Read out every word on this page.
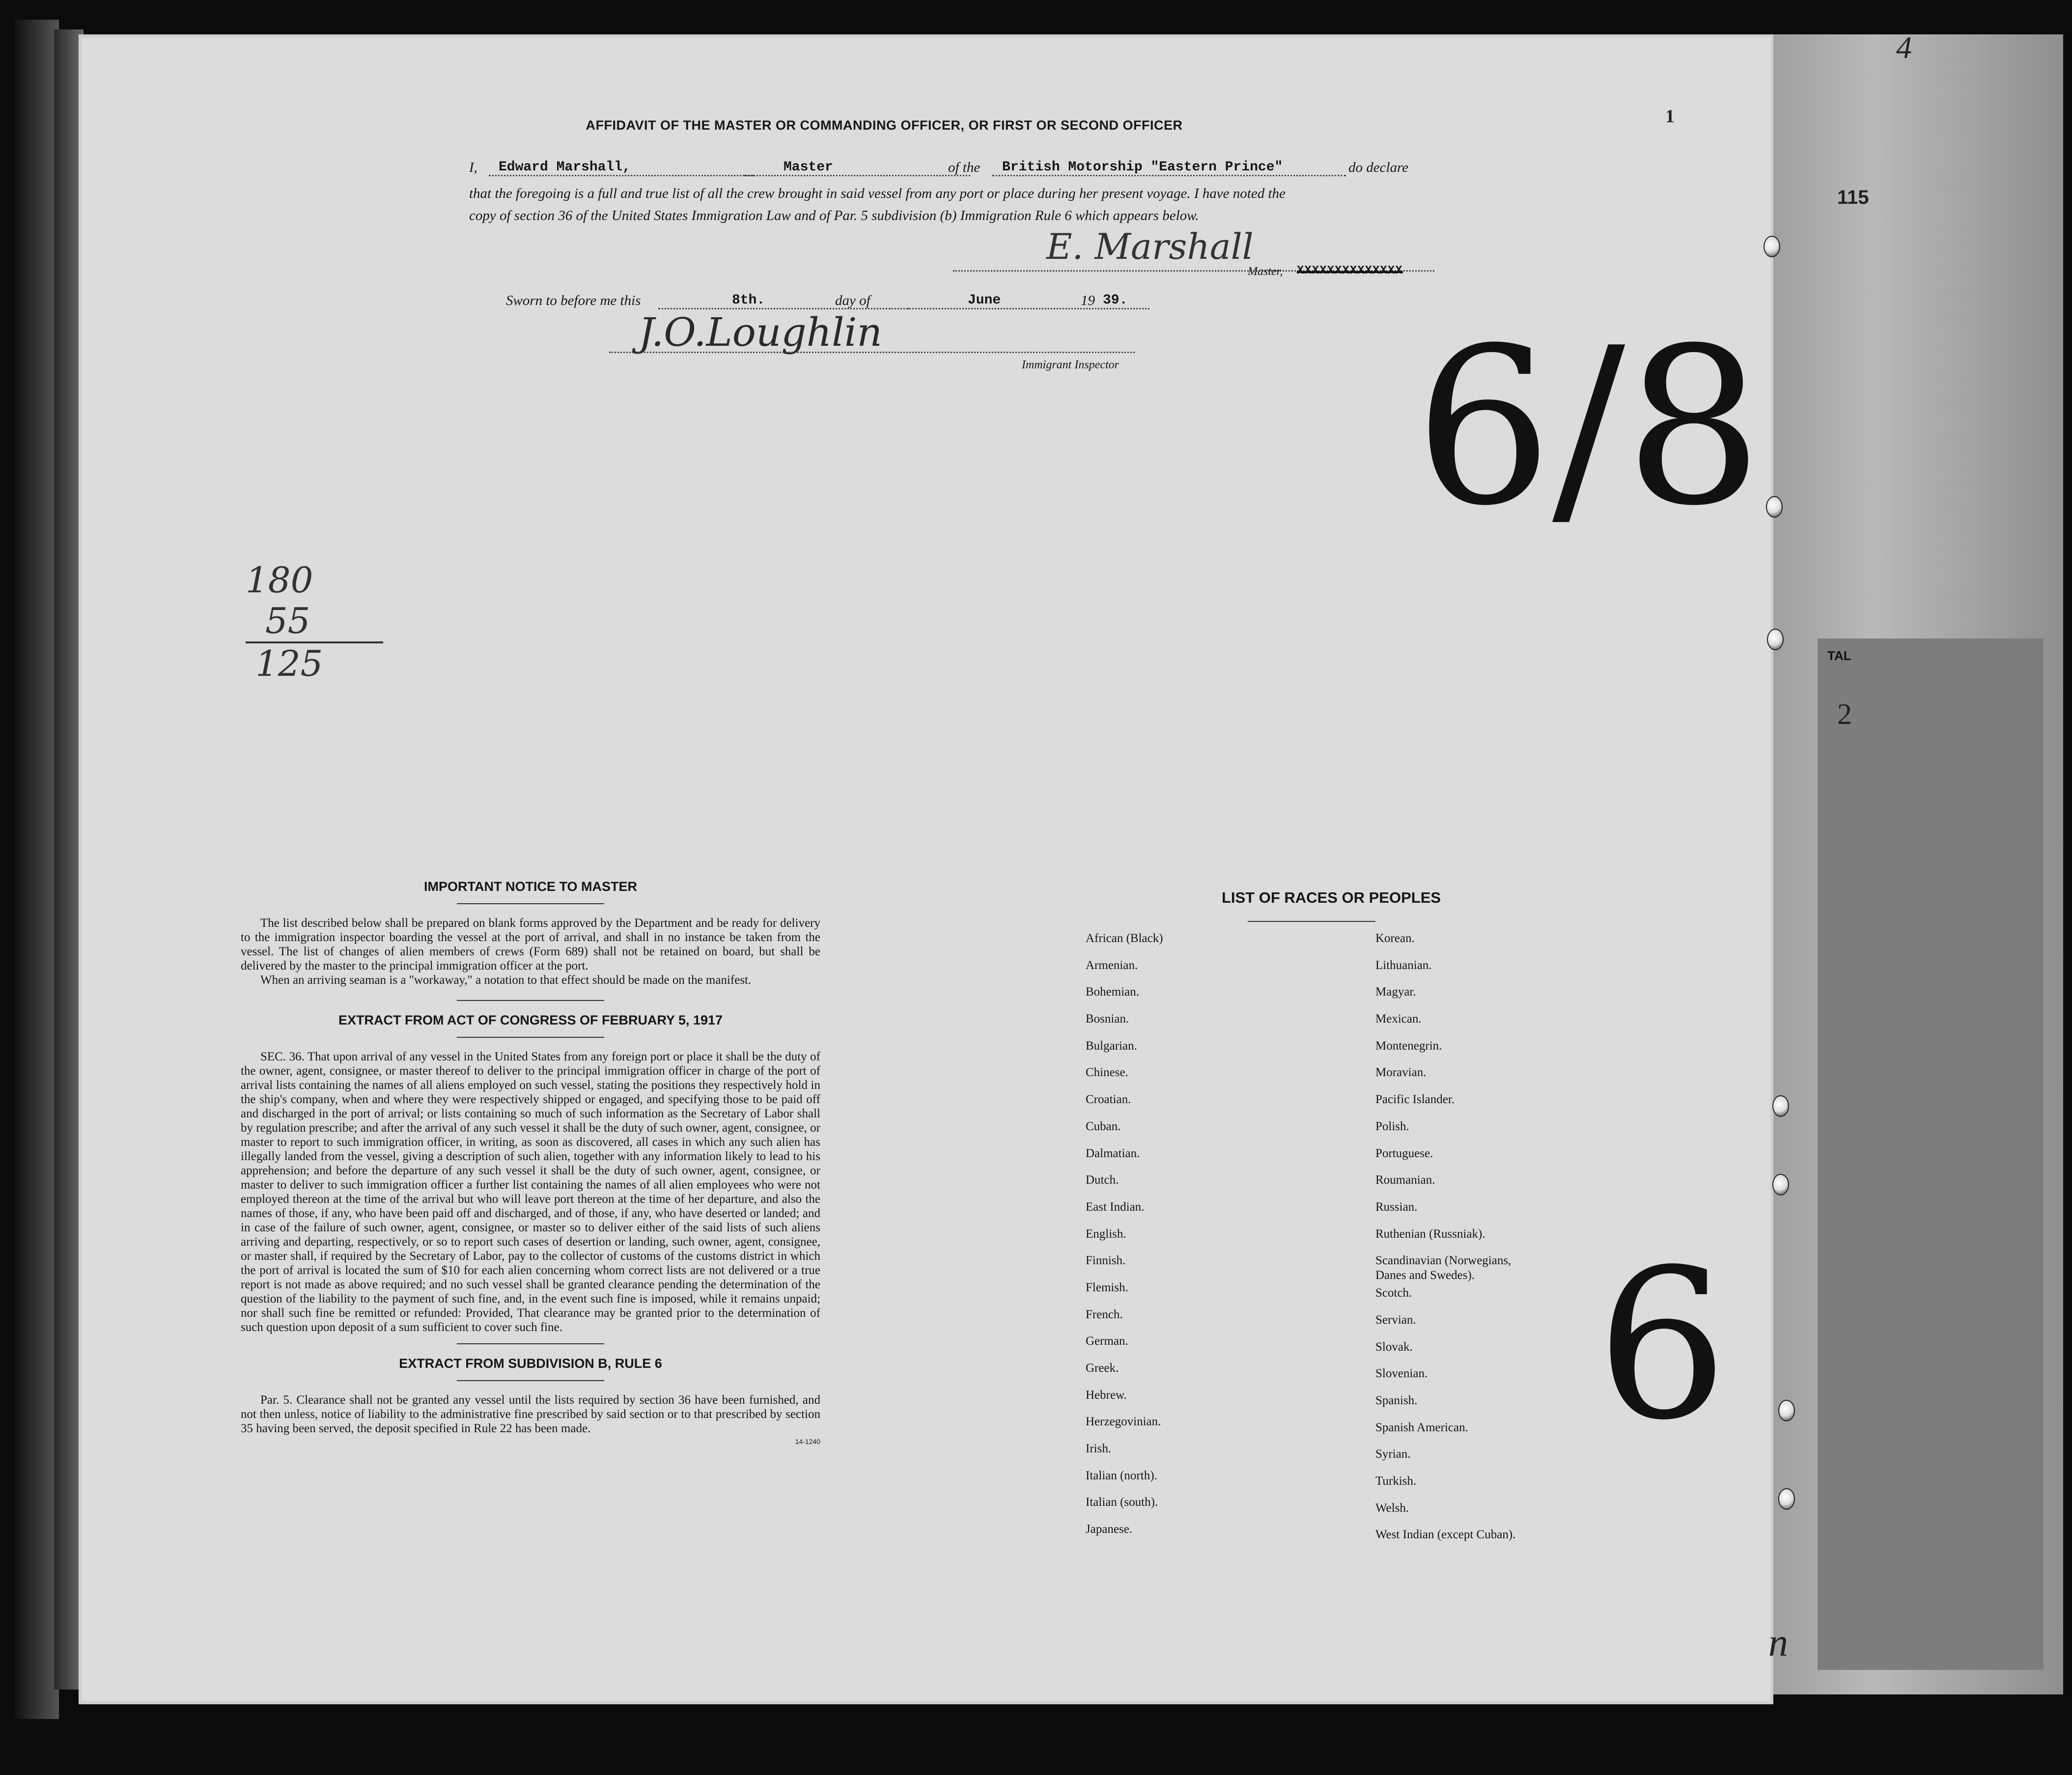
4
115
1
TAL
2
n
AFFIDAVIT OF THE MASTER OR COMMANDING OFFICER, OR FIRST OR SECOND OFFICER
I,	Edward Marshall,	Master	of the	British Motorship "Eastern Prince"	do declare
that the foregoing is a full and true list of all the crew brought in said vessel from any port or place during her present voyage. I have noted the
copy of section 36 of the United States Immigration Law and of Par. 5 subdivision (b) Immigration Rule 6 which appears below.
E. Marshall
Master, XXXXXXXXXXXXXX
Sworn to before me this	8th.	day of	June	19 39.
J.O.Loughlin
Immigrant Inspector 6/8
180
55
125
6
IMPORTANT NOTICE TO MASTER

The list described below shall be prepared on blank forms approved by the Department and be ready for delivery to the immigration inspector boarding the vessel at the port of arrival, and shall in no instance be taken from the vessel. The list of changes of alien members of crews (Form 689) shall not be retained on board, but shall be delivered by the master to the principal immigration officer at the port.

When an arriving seaman is a "workaway," a notation to that effect should be made on the manifest.

EXTRACT FROM ACT OF CONGRESS OF FEBRUARY 5, 1917

SEC. 36. That upon arrival of any vessel in the United States from any foreign port or place it shall be the duty of the owner, agent, consignee, or master thereof to deliver to the principal immigration officer in charge of the port of arrival lists containing the names of all aliens employed on such vessel, stating the positions they respectively hold in the ship's company, when and where they were respectively shipped or engaged, and specifying those to be paid off and discharged in the port of arrival; or lists containing so much of such information as the Secretary of Labor shall by regulation prescribe; and after the arrival of any such vessel it shall be the duty of such owner, agent, consignee, or master to report to such immigration officer, in writing, as soon as discovered, all cases in which any such alien has illegally landed from the vessel, giving a description of such alien, together with any information likely to lead to his apprehension; and before the departure of any such vessel it shall be the duty of such owner, agent, consignee, or master to deliver to such immigration officer a further list containing the names of all alien employees who were not employed thereon at the time of the arrival but who will leave port thereon at the time of her departure, and also the names of those, if any, who have been paid off and discharged, and of those, if any, who have deserted or landed; and in case of the failure of such owner, agent, consignee, or master so to deliver either of the said lists of such aliens arriving and departing, respectively, or so to report such cases of desertion or landing, such owner, agent, consignee, or master shall, if required by the Secretary of Labor, pay to the collector of customs of the customs district in which the port of arrival is located the sum of $10 for each alien concerning whom correct lists are not delivered or a true report is not made as above required; and no such vessel shall be granted clearance pending the determination of the question of the liability to the payment of such fine, and, in the event such fine is imposed, while it remains unpaid; nor shall such fine be remitted or refunded: Provided, That clearance may be granted prior to the determination of such question upon deposit of a sum sufficient to cover such fine.

EXTRACT FROM SUBDIVISION B, RULE 6

Par. 5. Clearance shall not be granted any vessel until the lists required by section 36 have been furnished, and not then unless, notice of liability to the administrative fine prescribed by said section or to that prescribed by section 35 having been served, the deposit specified in Rule 22 has been made.

14-1240
LIST OF RACES OR PEOPLES
African (Black)
Armenian.
Bohemian.
Bosnian.
Bulgarian.
Chinese.
Croatian.
Cuban.
Dalmatian.
Dutch.
East Indian.
English.
Finnish.
Flemish.
French.
German.
Greek.
Hebrew.
Herzegovinian.
Irish.
Italian (north).
Italian (south).
Japanese.
Korean.
Lithuanian.
Magyar.
Mexican.
Montenegrin.
Moravian.
Pacific Islander.
Polish.
Portuguese.
Roumanian.
Russian.
Ruthenian (Russniak).
Scandinavian (Norwegians,
Danes and Swedes).
Scotch.
Servian.
Slovak.
Slovenian.
Spanish.
Spanish American.
Syrian.
Turkish.
Welsh.
West Indian (except Cuban).
